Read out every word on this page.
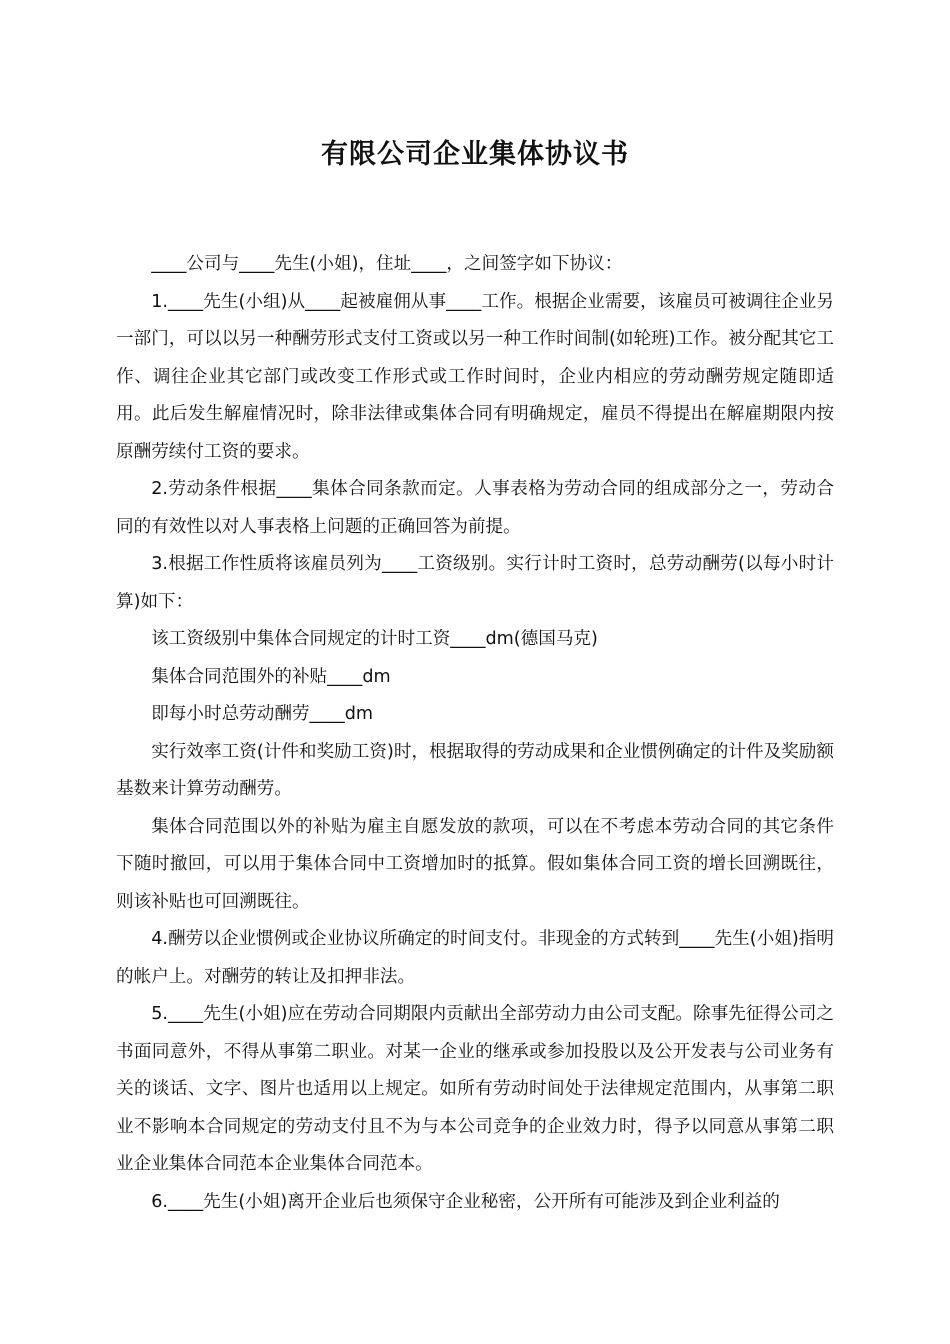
有限公司企业集体协议书

____公司与____先生(小姐)，住址____，之间签字如下协议：

1.____先生(小组)从____起被雇佣从事____工作。根据企业需要，该雇员可被调往企业另一部门，可以以另一种酬劳形式支付工资或以另一种工作时间制(如轮班)工作。被分配其它工作、调往企业其它部门或改变工作形式或工作时间时，企业内相应的劳动酬劳规定随即适用。此后发生解雇情况时，除非法律或集体合同有明确规定，雇员不得提出在解雇期限内按原酬劳续付工资的要求。

2.劳动条件根据____集体合同条款而定。人事表格为劳动合同的组成部分之一，劳动合同的有效性以对人事表格上问题的正确回答为前提。

3.根据工作性质将该雇员列为____工资级别。实行计时工资时，总劳动酬劳(以每小时计算)如下：

该工资级别中集体合同规定的计时工资____dm(德国马克)

集体合同范围外的补贴____dm

即每小时总劳动酬劳____dm

实行效率工资(计件和奖励工资)时，根据取得的劳动成果和企业惯例确定的计件及奖励额基数来计算劳动酬劳。

集体合同范围以外的补贴为雇主自愿发放的款项，可以在不考虑本劳动合同的其它条件下随时撤回，可以用于集体合同中工资增加时的抵算。假如集体合同工资的增长回溯既往，则该补贴也可回溯既往。

4.酬劳以企业惯例或企业协议所确定的时间支付。非现金的方式转到____先生(小姐)指明的帐户上。对酬劳的转让及扣押非法。

5.____先生(小姐)应在劳动合同期限内贡献出全部劳动力由公司支配。除事先征得公司之书面同意外，不得从事第二职业。对某一企业的继承或参加投股以及公开发表与公司业务有关的谈话、文字、图片也适用以上规定。如所有劳动时间处于法律规定范围内，从事第二职业不影响本合同规定的劳动支付且不为与本公司竞争的企业效力时，得予以同意从事第二职业企业集体合同范本企业集体合同范本。

6.____先生(小姐)离开企业后也须保守企业秘密，公开所有可能涉及到企业利益的
